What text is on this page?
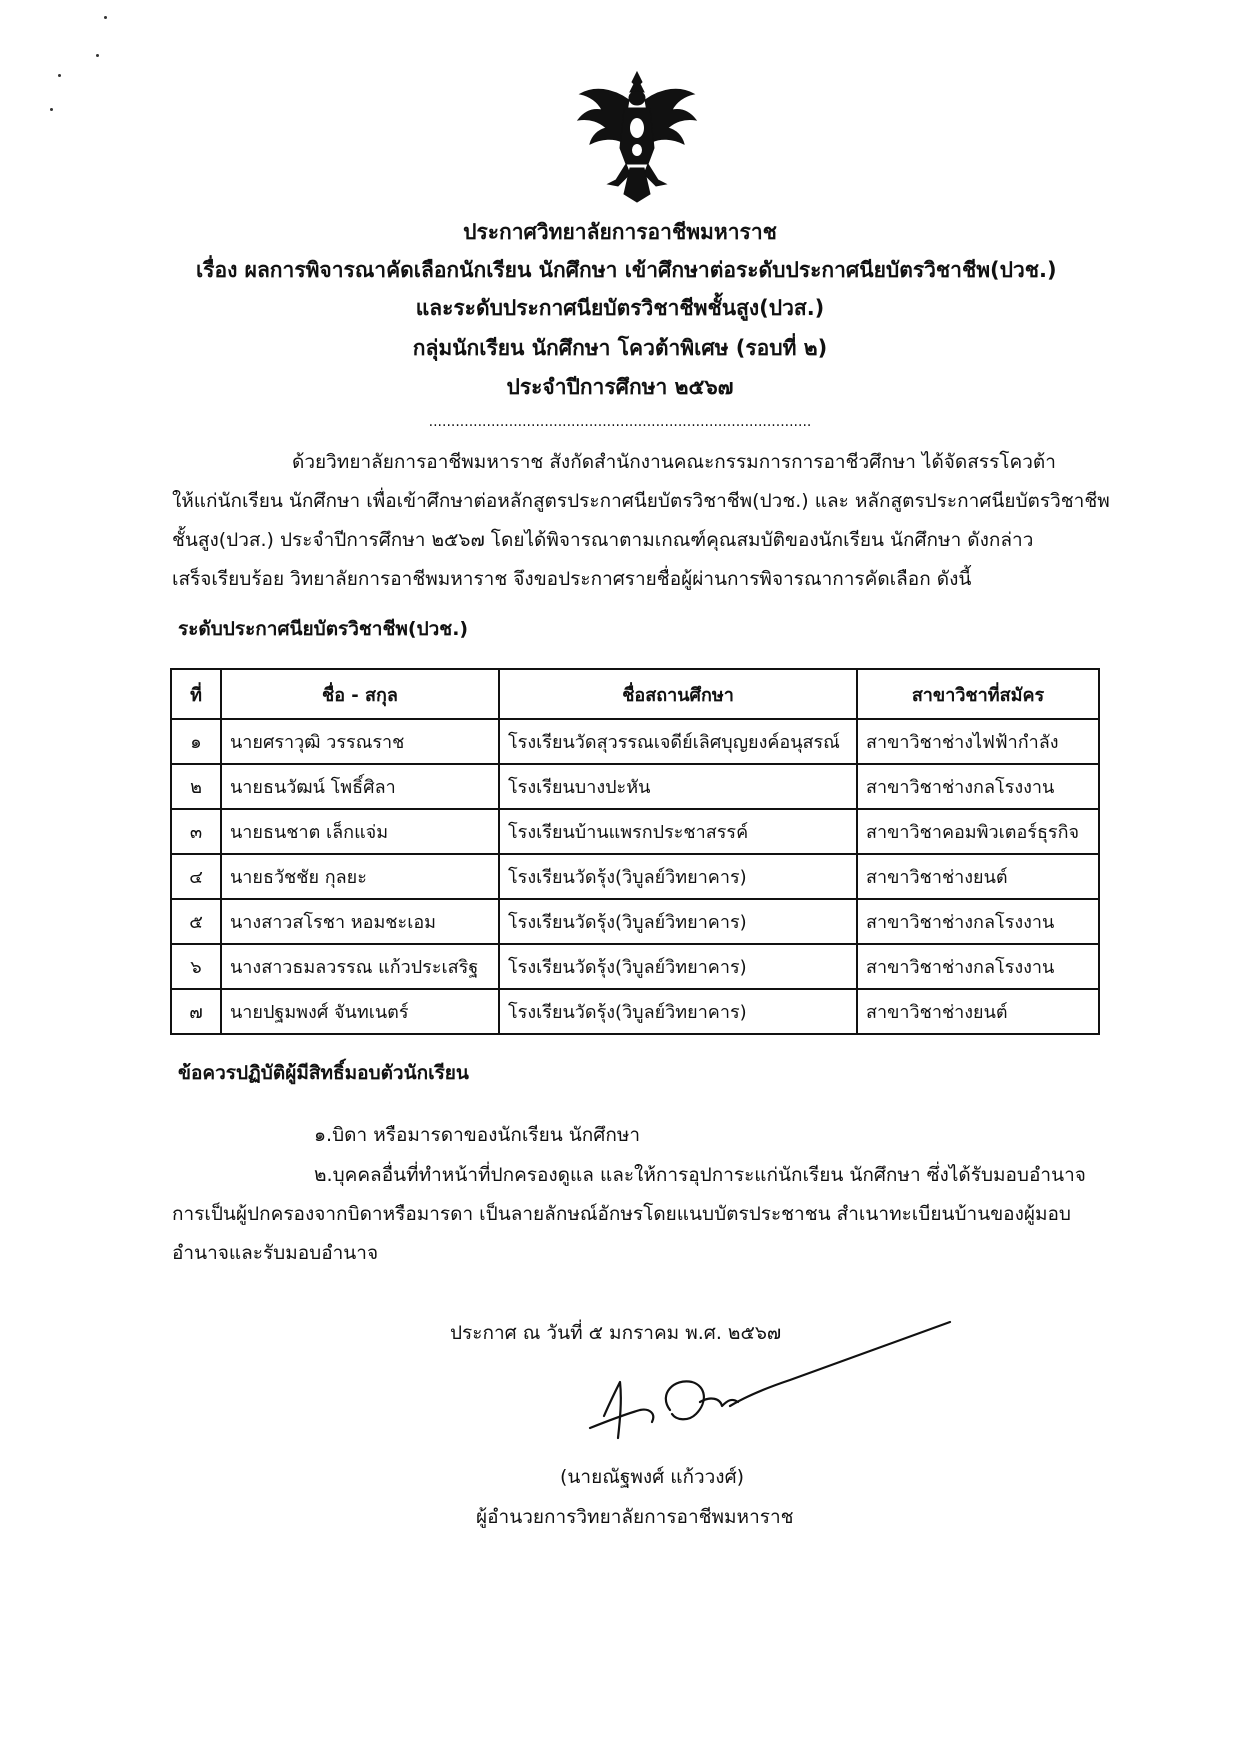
ประกาศวิทยาลัยการอาชีพมหาราช
เรื่อง ผลการพิจารณาคัดเลือกนักเรียน นักศึกษา เข้าศึกษาต่อระดับประกาศนียบัตรวิชาชีพ(ปวช.)
และระดับประกาศนียบัตรวิชาชีพชั้นสูง(ปวส.)
กลุ่มนักเรียน นักศึกษา โควต้าพิเศษ (รอบที่ ๒)
ประจำปีการศึกษา ๒๕๖๗
......................................................................................
ด้วยวิทยาลัยการอาชีพมหาราช สังกัดสำนักงานคณะกรรมการการอาชีวศึกษา ได้จัดสรรโควต้า
ให้แก่นักเรียน นักศึกษา เพื่อเข้าศึกษาต่อหลักสูตรประกาศนียบัตรวิชาชีพ(ปวช.) และ หลักสูตรประกาศนียบัตรวิชาชีพ
ชั้นสูง(ปวส.) ประจำปีการศึกษา ๒๕๖๗ โดยได้พิจารณาตามเกณฑ์คุณสมบัติของนักเรียน นักศึกษา ดังกล่าว
เสร็จเรียบร้อย วิทยาลัยการอาชีพมหาราช จึงขอประกาศรายชื่อผู้ผ่านการพิจารณาการคัดเลือก ดังนี้
ระดับประกาศนียบัตรวิชาชีพ(ปวช.)
ที่	ชื่อ - สกุล	ชื่อสถานศึกษา	สาขาวิชาที่สมัคร
๑	นายศราวุฒิ วรรณราช	โรงเรียนวัดสุวรรณเจดีย์เลิศบุญยงค์อนุสรณ์	สาขาวิชาช่างไฟฟ้ากำลัง
๒	นายธนวัฒน์ โพธิ์ศิลา	โรงเรียนบางปะหัน	สาขาวิชาช่างกลโรงงาน
๓	นายธนชาต เล็กแจ่ม	โรงเรียนบ้านแพรกประชาสรรค์	สาขาวิชาคอมพิวเตอร์ธุรกิจ
๔	นายธวัชชัย กุลยะ	โรงเรียนวัดรุ้ง(วิบูลย์วิทยาคาร)	สาขาวิชาช่างยนต์
๕	นางสาวสโรชา หอมชะเอม	โรงเรียนวัดรุ้ง(วิบูลย์วิทยาคาร)	สาขาวิชาช่างกลโรงงาน
๖	นางสาวธมลวรรณ แก้วประเสริฐ	โรงเรียนวัดรุ้ง(วิบูลย์วิทยาคาร)	สาขาวิชาช่างกลโรงงาน
๗	นายปฐมพงศ์ จันทเนตร์	โรงเรียนวัดรุ้ง(วิบูลย์วิทยาคาร)	สาขาวิชาช่างยนต์
ข้อควรปฏิบัติผู้มีสิทธิ์มอบตัวนักเรียน
๑.บิดา หรือมารดาของนักเรียน นักศึกษา
๒.บุคคลอื่นที่ทำหน้าที่ปกครองดูแล และให้การอุปการะแก่นักเรียน นักศึกษา ซึ่งได้รับมอบอำนาจ
การเป็นผู้ปกครองจากบิดาหรือมารดา เป็นลายลักษณ์อักษรโดยแนบบัตรประชาชน สำเนาทะเบียนบ้านของผู้มอบ
อำนาจและรับมอบอำนาจ
ประกาศ ณ วันที่ ๕ มกราคม พ.ศ. ๒๕๖๗
(นายณัฐพงศ์ แก้ววงศ์)
ผู้อำนวยการวิทยาลัยการอาชีพมหาราช
